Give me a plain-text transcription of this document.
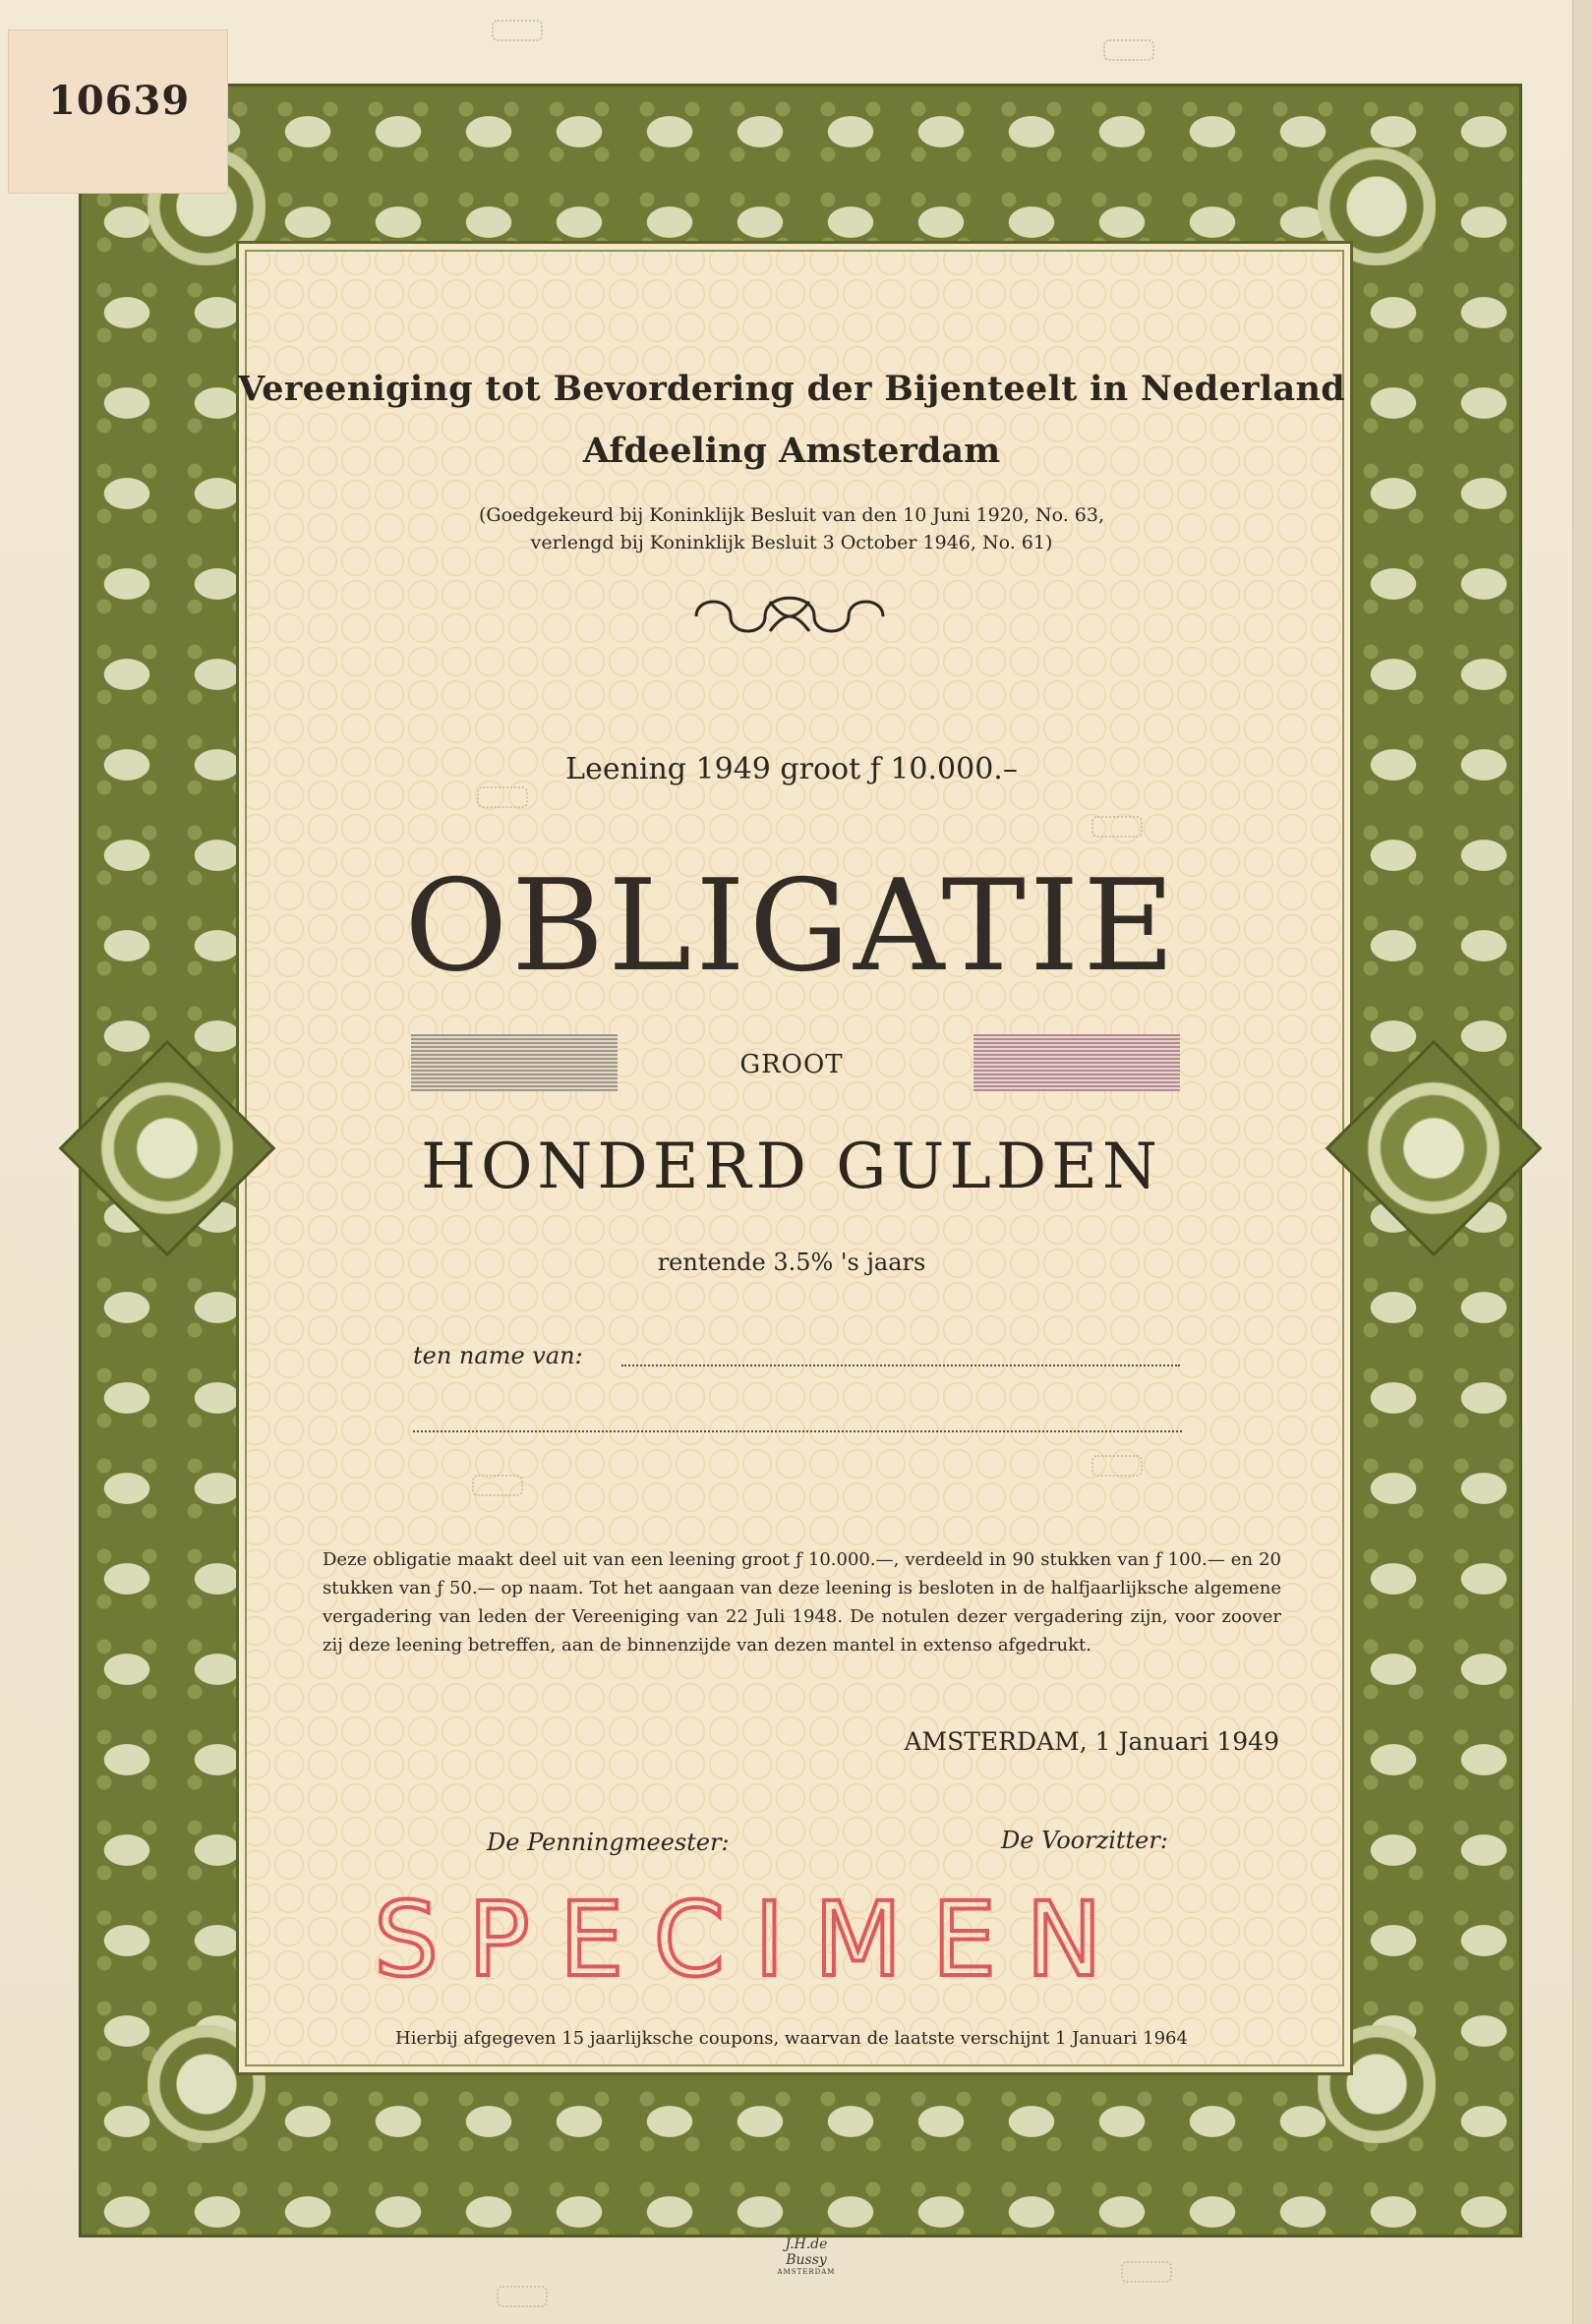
10639
Vereeniging tot Bevordering der Bijenteelt in Nederland
Afdeeling Amsterdam
(Goedgekeurd bij Koninklijk Besluit van den 10 Juni 1920, No. 63,
verlengd bij Koninklijk Besluit 3 October 1946, No. 61)
Leening 1949 groot ƒ 10.000.–
OBLIGATIE
GROOT
HONDERD GULDEN
rentende 3.5% 's jaars
ten name van:
Deze obligatie maakt deel uit van een leening groot ƒ 10.000.—, verdeeld in 90 stukken van ƒ 100.— en 20 stukken van ƒ 50.— op naam. Tot het aangaan van deze leening is besloten in de halfjaarlijksche algemene vergadering van leden der Vereeniging van 22 Juli 1948. De notulen dezer vergadering zijn, voor zoover zij deze leening betreffen, aan de binnenzijde van dezen mantel in extenso afgedrukt.
AMSTERDAM, 1 Januari 1949
De Penningmeester:	De Voorzitter:
SPECIMEN
Hierbij afgegeven 15 jaarlijksche coupons, waarvan de laatste verschijnt 1 Januari 1964
J.H.de Bussy
AMSTERDAM
